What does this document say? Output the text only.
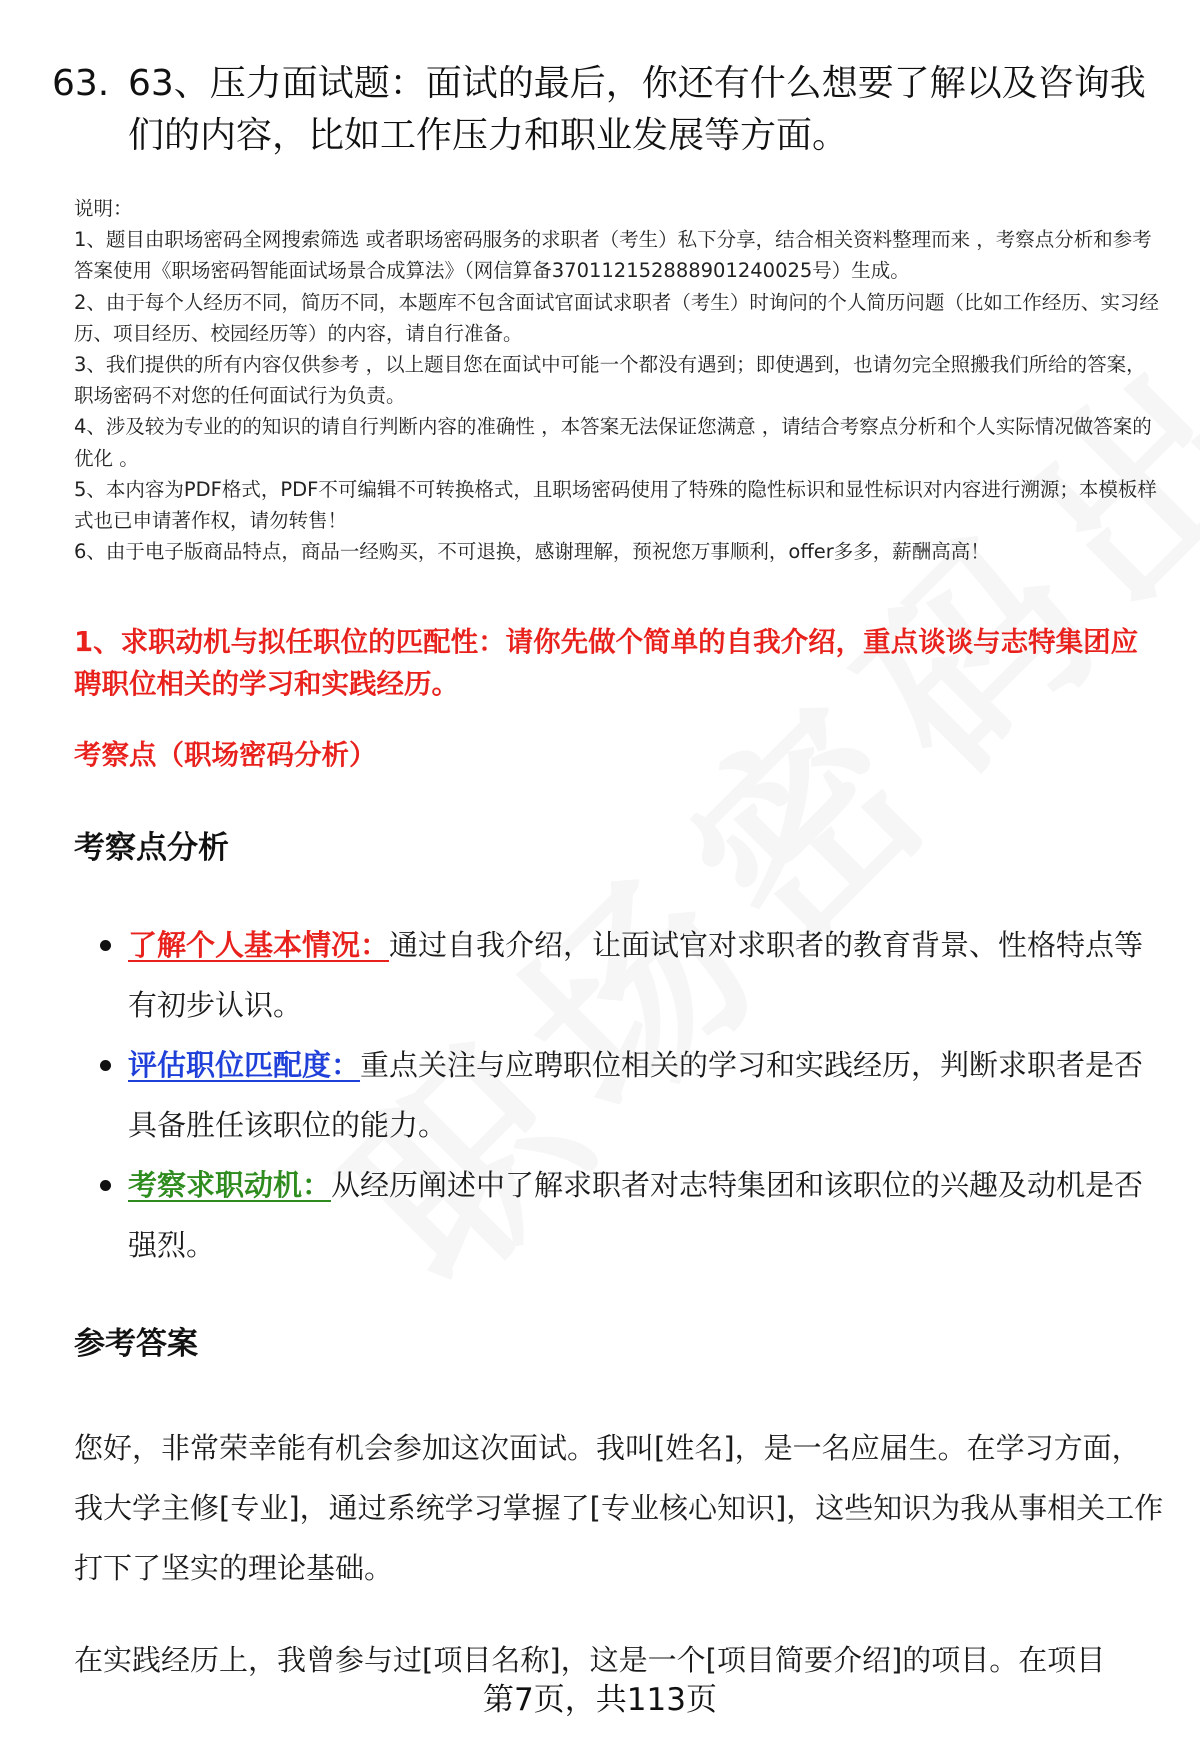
63. 63、压力面试题：面试的最后，你还有什么想要了解以及咨询我们的内容，比如工作压力和职业发展等方面。

说明：

1、题目由职场密码全网搜索筛选 或者职场密码服务的求职者（考生）私下分享，结合相关资料整理而来 ，考察点分析和参考答案使用《职场密码智能面试场景合成算法》（网信算备370112152888901240025号）生成。

2、由于每个人经历不同，简历不同，本题库不包含面试官面试求职者（考生）时询问的个人简历问题（比如工作经历、实习经历、项目经历、校园经历等）的内容，请自行准备。

3、我们提供的所有内容仅供参考 ，以上题目您在面试中可能一个都没有遇到；即使遇到，也请勿完全照搬我们所给的答案，职场密码不对您的任何面试行为负责。

4、涉及较为专业的的知识的请自行判断内容的准确性 ，本答案无法保证您满意 ，请结合考察点分析和个人实际情况做答案的优化 。

5、本内容为PDF格式，PDF不可编辑不可转换格式，且职场密码使用了特殊的隐性标识和显性标识对内容进行溯源；本模板样式也已申请著作权，请勿转售！

6、由于电子版商品特点，商品一经购买，不可退换，感谢理解，预祝您万事顺利，offer多多，薪酬高高！

1、求职动机与拟任职位的匹配性：请你先做个简单的自我介绍，重点谈谈与志特集团应聘职位相关的学习和实践经历。
考察点（职场密码分析）
考察点分析
了解个人基本情况：通过自我介绍，让面试官对求职者的教育背景、性格特点等有初步认识。
评估职位匹配度：重点关注与应聘职位相关的学习和实践经历，判断求职者是否具备胜任该职位的能力。
考察求职动机：从经历阐述中了解求职者对志特集团和该职位的兴趣及动机是否强烈。
参考答案

您好，非常荣幸能有机会参加这次面试。我叫[姓名]，是一名应届生。在学习方面，我大学主修[专业]，通过系统学习掌握了[专业核心知识]，这些知识为我从事相关工作打下了坚实的理论基础。

在实践经历上，我曾参与过[项目名称]，这是一个[项目简要介绍]的项目。在项目

第7页，共113页
